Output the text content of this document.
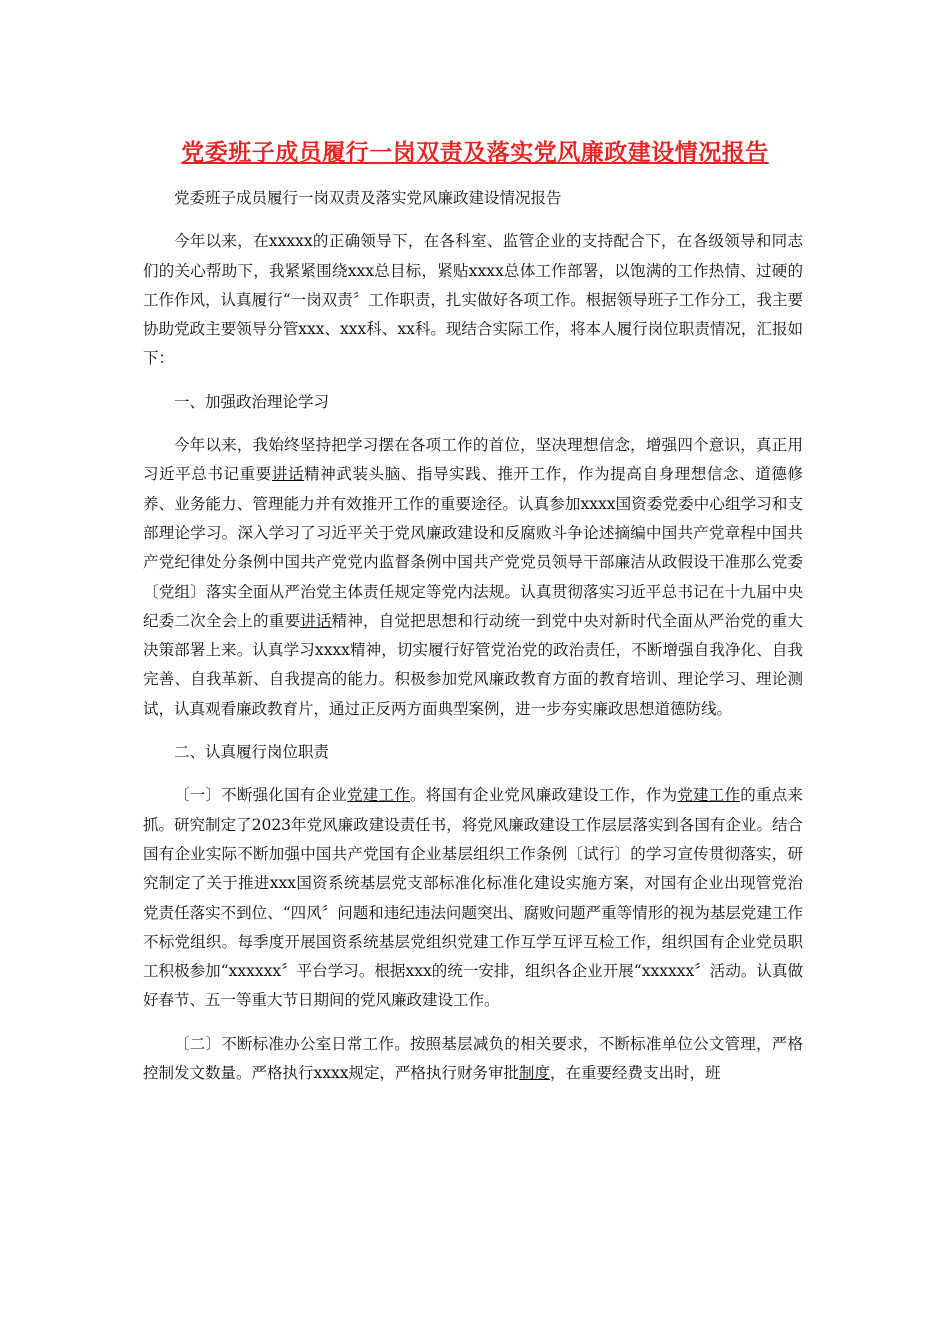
党委班子成员履行一岗双责及落实党风廉政建设情况报告

党委班子成员履行一岗双责及落实党风廉政建设情况报告

今年以来，在xxxxx的正确领导下，在各科室、监管企业的支持配合下，在各级领导和同志们的关心帮助下，我紧紧围绕xxx总目标，紧贴xxxx总体工作部署，以饱满的工作热情、过硬的工作作风，认真履行“一岗双责〞工作职责，扎实做好各项工作。根据领导班子工作分工，我主要协助党政主要领导分管xxx、xxx科、xx科。现结合实际工作，将本人履行岗位职责情况，汇报如下：

一、加强政治理论学习

今年以来，我始终坚持把学习摆在各项工作的首位，坚决理想信念，增强四个意识，真正用习近平总书记重要讲话精神武装头脑、指导实践、推开工作，作为提高自身理想信念、道德修养、业务能力、管理能力并有效推开工作的重要途径。认真参加xxxx国资委党委中心组学习和支部理论学习。深入学习了习近平关于党风廉政建设和反腐败斗争论述摘编中国共产党章程中国共产党纪律处分条例中国共产党党内监督条例中国共产党党员领导干部廉洁从政假设干准那么党委〔党组〕落实全面从严治党主体责任规定等党内法规。认真贯彻落实习近平总书记在十九届中央纪委二次全会上的重要讲话精神，自觉把思想和行动统一到党中央对新时代全面从严治党的重大决策部署上来。认真学习xxxx精神，切实履行好管党治党的政治责任，不断增强自我净化、自我完善、自我革新、自我提高的能力。积极参加党风廉政教育方面的教育培训、理论学习、理论测试，认真观看廉政教育片，通过正反两方面典型案例，进一步夯实廉政思想道德防线。

二、认真履行岗位职责

〔一〕不断强化国有企业党建工作。将国有企业党风廉政建设工作，作为党建工作的重点来抓。研究制定了2023年党风廉政建设责任书，将党风廉政建设工作层层落实到各国有企业。结合国有企业实际不断加强中国共产党国有企业基层组织工作条例〔试行〕的学习宣传贯彻落实，研究制定了关于推进xxx国资系统基层党支部标准化标准化建设实施方案，对国有企业出现管党治党责任落实不到位、“四风〞问题和违纪违法问题突出、腐败问题严重等情形的视为基层党建工作不标党组织。每季度开展国资系统基层党组织党建工作互学互评互检工作，组织国有企业党员职工积极参加“xxxxxx〞平台学习。根据xxx的统一安排，组织各企业开展“xxxxxx〞活动。认真做好春节、五一等重大节日期间的党风廉政建设工作。

〔二〕不断标准办公室日常工作。按照基层减负的相关要求，不断标准单位公文管理，严格控制发文数量。严格执行xxxx规定，严格执行财务审批制度，在重要经费支出时，班
